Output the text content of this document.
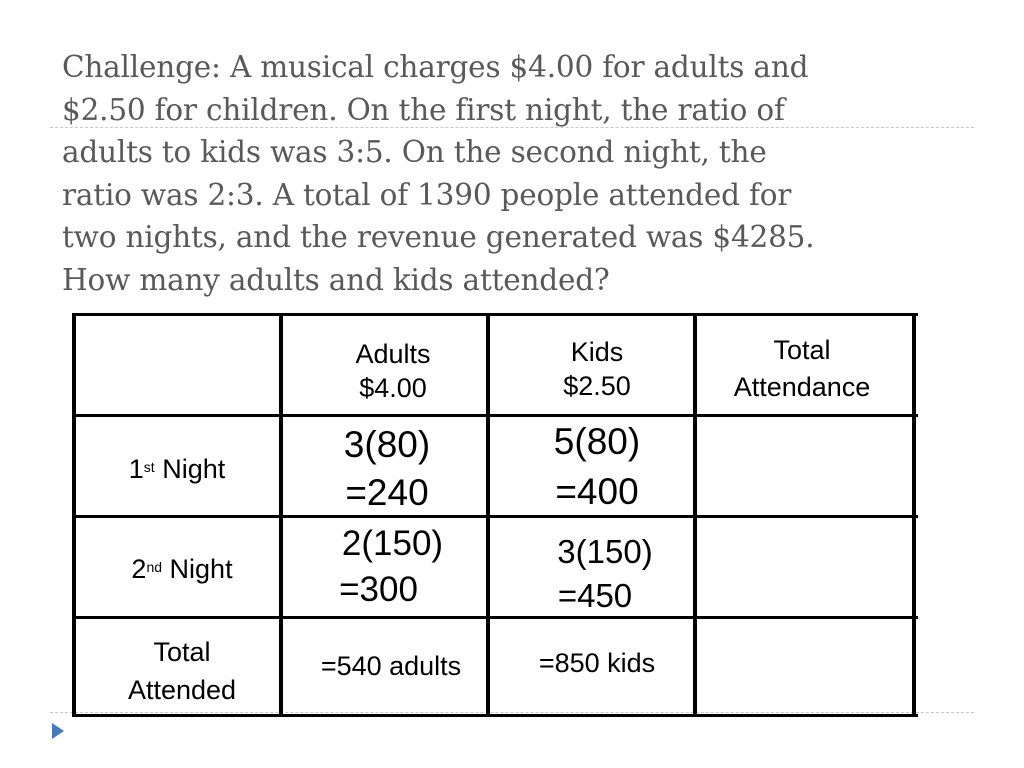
Challenge: A musical charges $4.00 for adults and
$2.50 for children. On the first night, the ratio of
adults to kids was 3:5. On the second night, the
ratio was 2:3. A total of 1390 people attended for
two nights, and the revenue generated was $4285.
How many adults and kids attended?
Adults
$4.00
Kids
$2.50
Total
Attendance
1st Night
3(80)
=240
5(80)
=400
2nd Night
2(150)
=300
3(150)
=450
Total
Attended
=540 adults	=850 kids
